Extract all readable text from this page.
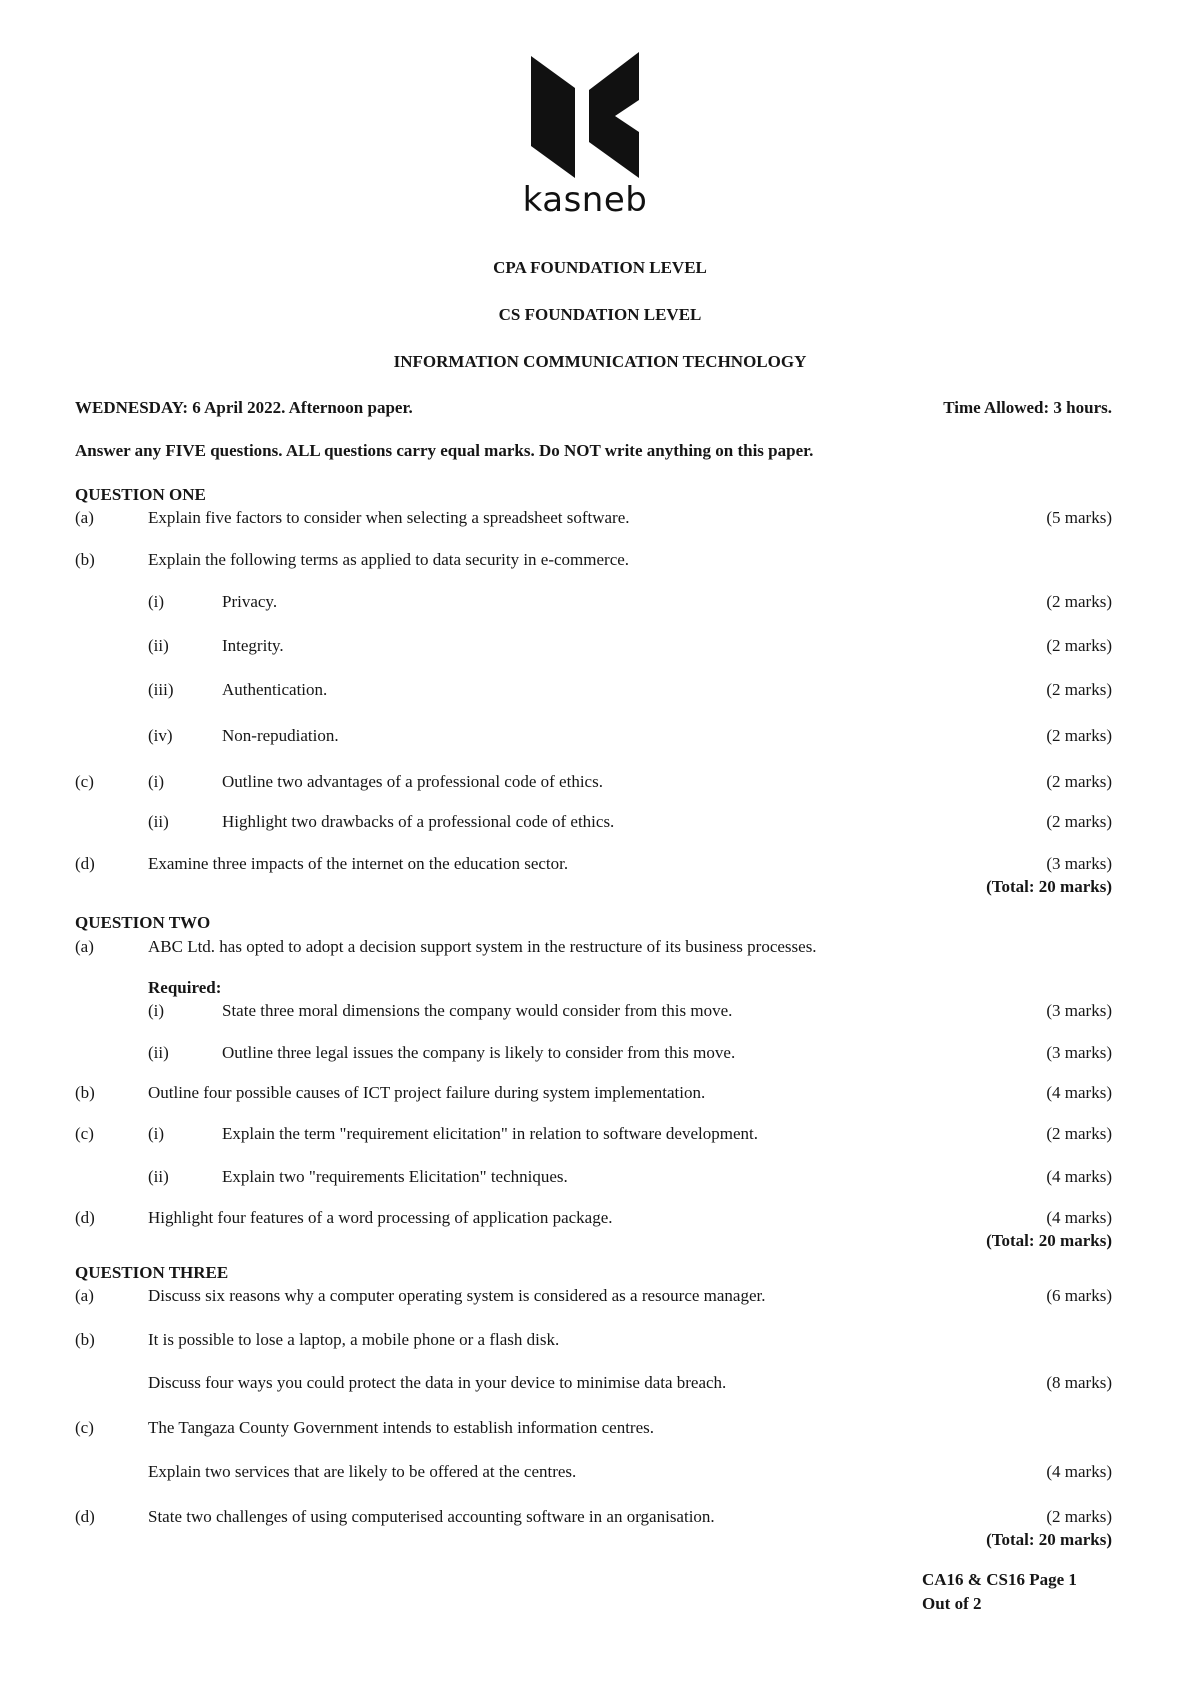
kasneb
CPA FOUNDATION LEVEL
CS FOUNDATION LEVEL
INFORMATION COMMUNICATION TECHNOLOGY
WEDNESDAY: 6 April 2022. Afternoon paper.	Time Allowed: 3 hours.
Answer any FIVE questions. ALL questions carry equal marks. Do NOT write anything on this paper.
QUESTION ONE
(a)	Explain five factors to consider when selecting a spreadsheet software.	(5 marks)
(b)	Explain the following terms as applied to data security in e-commerce.
(i)	Privacy.	(2 marks)
(ii)	Integrity.	(2 marks)
(iii)	Authentication.	(2 marks)
(iv)	Non-repudiation.	(2 marks)
(c)	(i)	Outline two advantages of a professional code of ethics.	(2 marks)
(ii)	Highlight two drawbacks of a professional code of ethics.	(2 marks)
(d)	Examine three impacts of the internet on the education sector.	(3 marks)
(Total: 20 marks)
QUESTION TWO
(a)	ABC Ltd. has opted to adopt a decision support system in the restructure of its business processes.
Required:
(i)	State three moral dimensions the company would consider from this move.	(3 marks)
(ii)	Outline three legal issues the company is likely to consider from this move.	(3 marks)
(b)	Outline four possible causes of ICT project failure during system implementation.	(4 marks)
(c)	(i)	Explain the term "requirement elicitation" in relation to software development.	(2 marks)
(ii)	Explain two "requirements Elicitation" techniques.	(4 marks)
(d)	Highlight four features of a word processing of application package.	(4 marks)
(Total: 20 marks)
QUESTION THREE
(a)	Discuss six reasons why a computer operating system is considered as a resource manager.	(6 marks)
(b)	It is possible to lose a laptop, a mobile phone or a flash disk.
Discuss four ways you could protect the data in your device to minimise data breach.	(8 marks)
(c)	The Tangaza County Government intends to establish information centres.
Explain two services that are likely to be offered at the centres.	(4 marks)
(d)	State two challenges of using computerised accounting software in an organisation.	(2 marks)
(Total: 20 marks)
CA16 & CS16 Page 1
Out of 2
